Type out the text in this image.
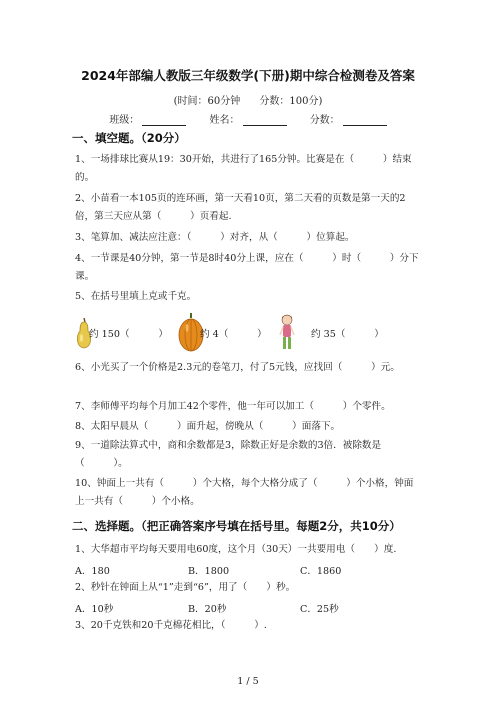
2024年部编人教版三年级数学(下册)期中综合检测卷及答案
(时间：60分钟 分数：100分)
班级：	姓名：	分数：
一、填空题。（20分）
1、一场排球比赛从19：30开始，共进行了165分钟。比赛是在（　　　）结束的。
2、小苗看一本105页的连环画，第一天看10页，第二天看的页数是第一天的2倍，第三天应从第（　　　）页看起.
3、笔算加、减法应注意：（　　　）对齐，从（　　　）位算起。
4、一节课是40分钟，第一节是8时40分上课，应在（　　　）时（　　　）分下课。
5、在括号里填上克或千克。
约 150（　　　）	约 4（　　　）	约 35（　　　）
6、小光买了一个价格是2.3元的卷笔刀，付了5元钱，应找回（　　　）元。
7、李师傅平均每个月加工42个零件，他一年可以加工（　　　）个零件。
8、太阳早晨从（　　　）面升起，傍晚从（　　　）面落下。
9、一道除法算式中，商和余数都是3，除数正好是余数的3倍．被除数是（　　　）。
10、钟面上一共有（　　　）个大格，每个大格分成了（　　　）个小格，钟面上一共有（　　　）个小格。
二、选择题。（把正确答案序号填在括号里。每题2分，共10分）
1、大华超市平均每天要用电60度，这个月（30天）一共要用电（　　）度.
A．180	B．1800	C．1860
2、秒针在钟面上从“1”走到“6”，用了（　　）秒。
A．10秒	B．20秒	C．25秒
3、20千克铁和20千克棉花相比，（　　　）.
1 / 5
